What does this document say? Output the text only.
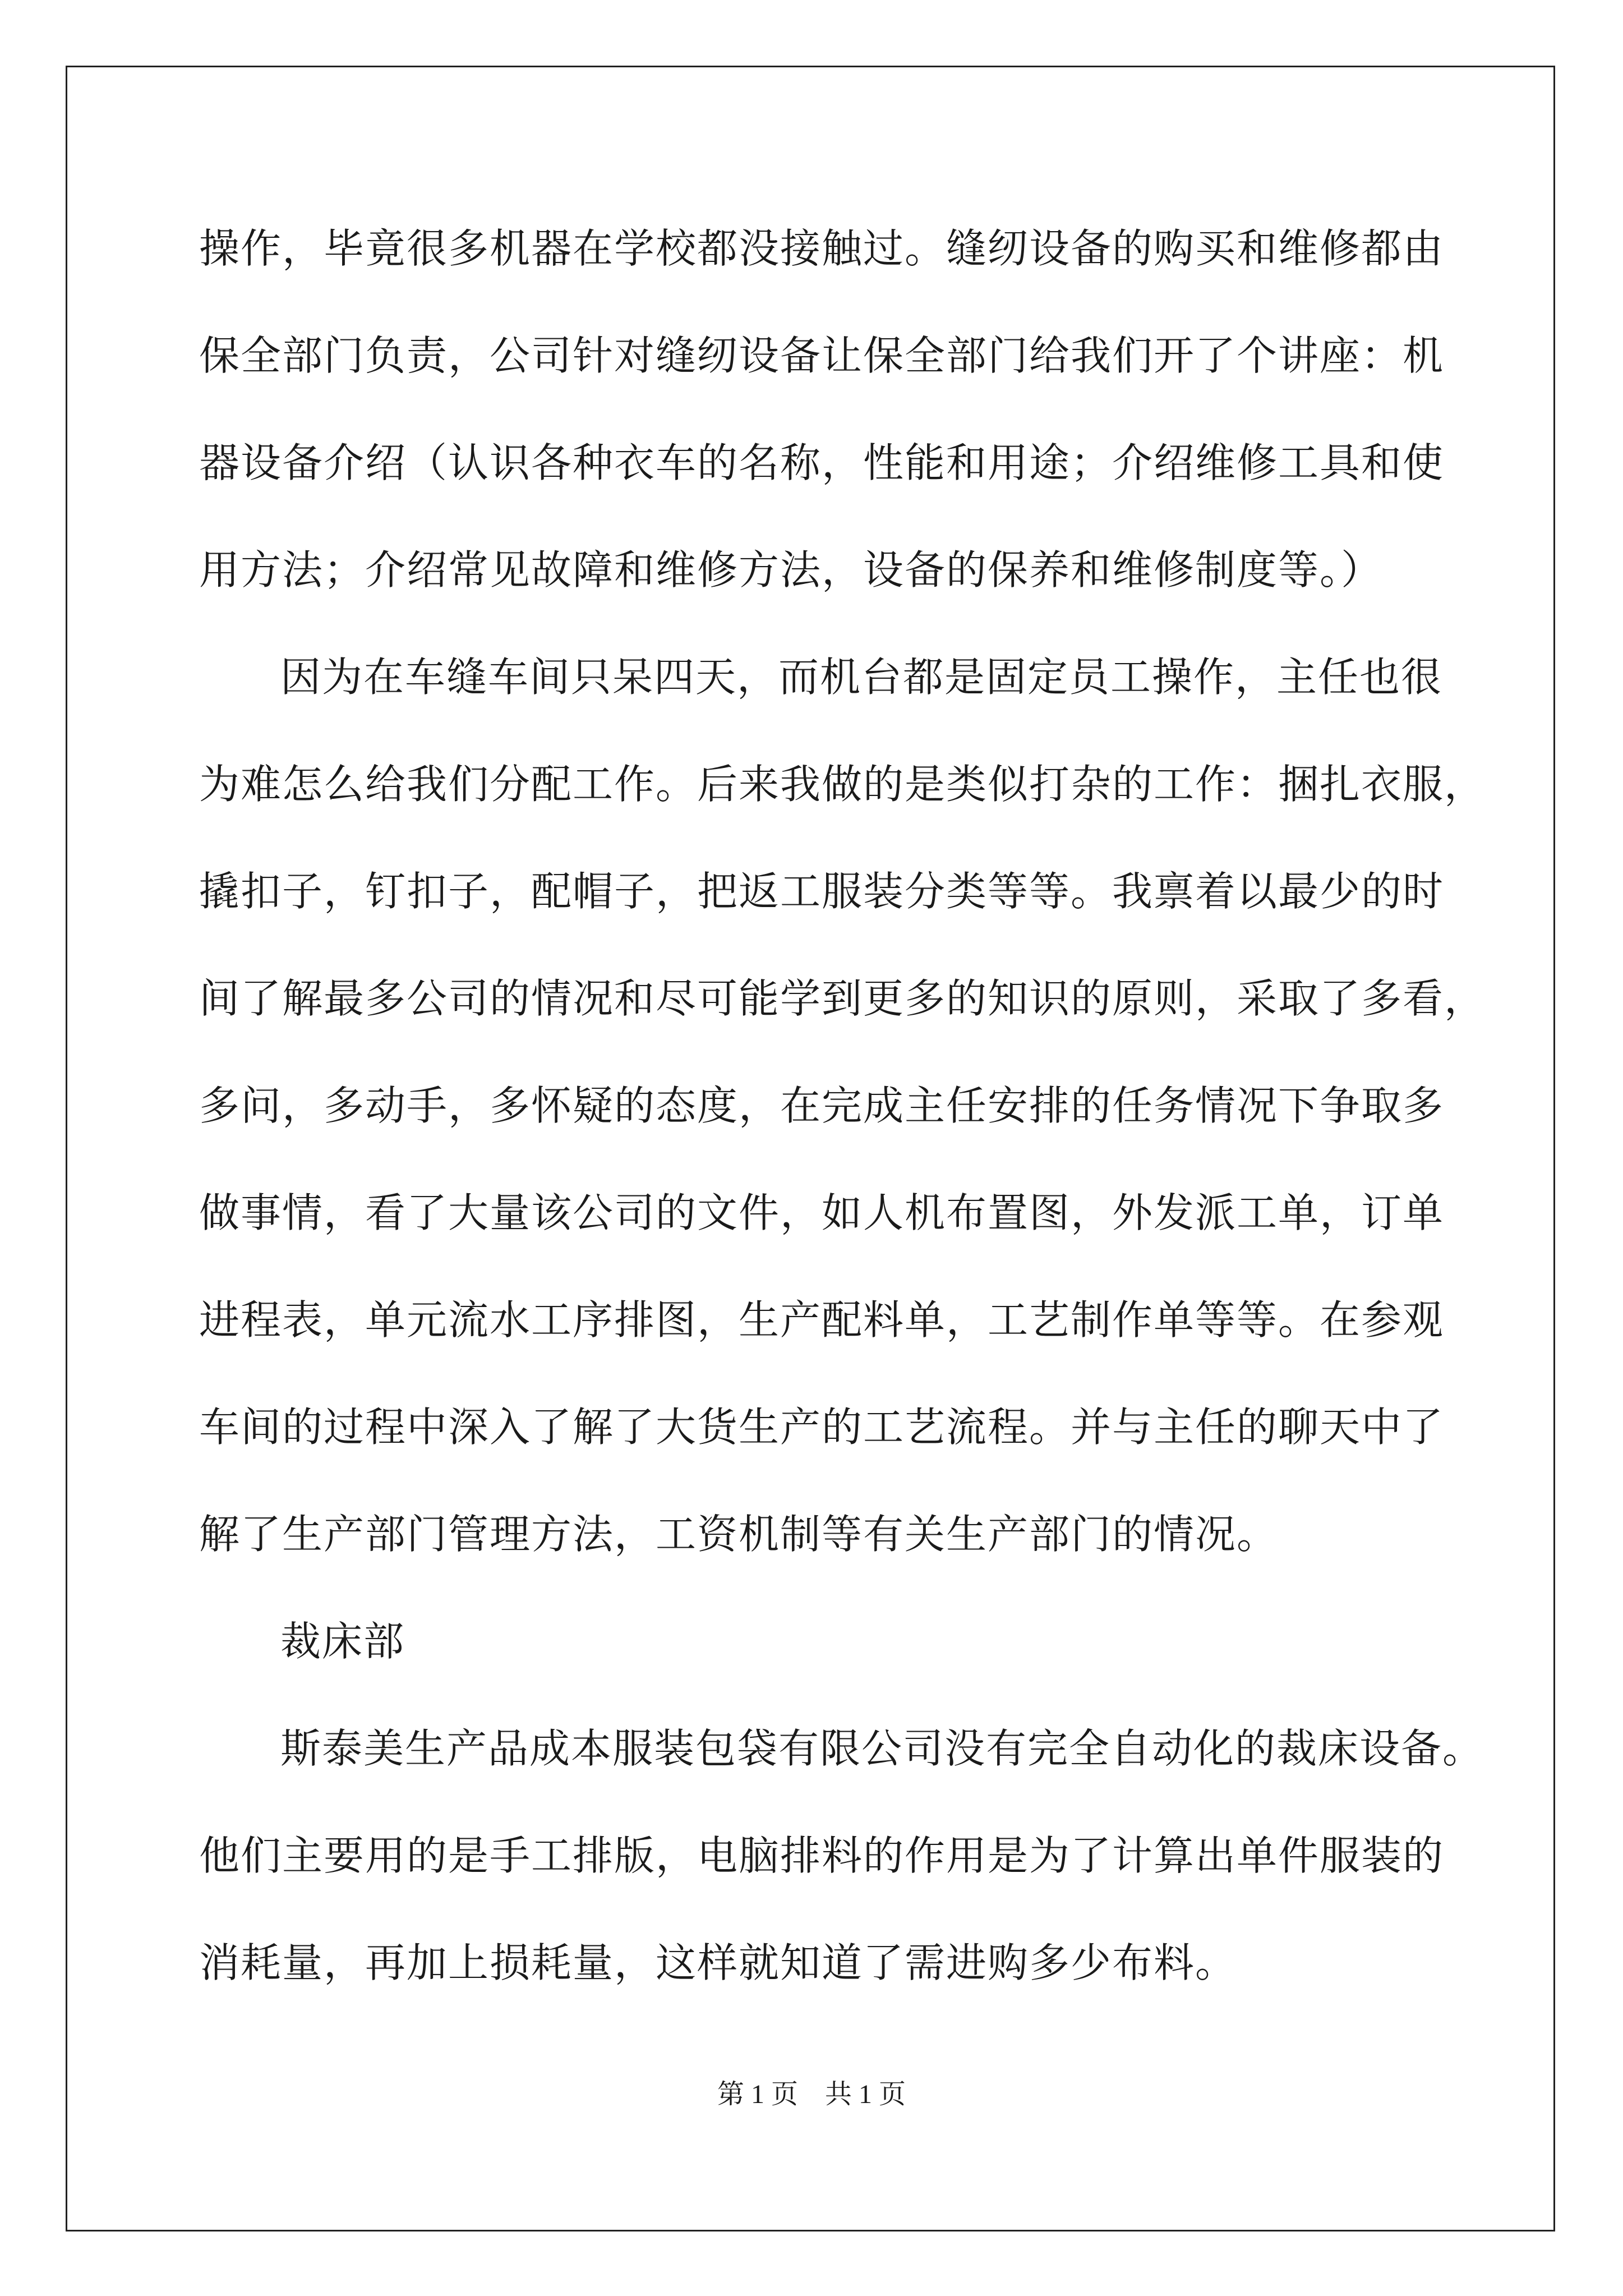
操作，毕竟很多机器在学校都没接触过。缝纫设备的购买和维修都由
保全部门负责，公司针对缝纫设备让保全部门给我们开了个讲座：机
器设备介绍（认识各种衣车的名称，性能和用途；介绍维修工具和使
用方法；介绍常见故障和维修方法，设备的保养和维修制度等。）
因为在车缝车间只呆四天，而机台都是固定员工操作，主任也很
为难怎么给我们分配工作。后来我做的是类似打杂的工作：捆扎衣服，
撬扣子，钉扣子，配帽子，把返工服装分类等等。我禀着以最少的时
间了解最多公司的情况和尽可能学到更多的知识的原则，采取了多看，
多问，多动手，多怀疑的态度，在完成主任安排的任务情况下争取多
做事情，看了大量该公司的文件，如人机布置图，外发派工单，订单
进程表，单元流水工序排图，生产配料单，工艺制作单等等。在参观
车间的过程中深入了解了大货生产的工艺流程。并与主任的聊天中了
解了生产部门管理方法，工资机制等有关生产部门的情况。
裁床部
斯泰美生产品成本服装包袋有限公司没有完全自动化的裁床设备。
他们主要用的是手工排版，电脑排料的作用是为了计算出单件服装的
消耗量，再加上损耗量，这样就知道了需进购多少布料。
第 1 页　共 1 页
